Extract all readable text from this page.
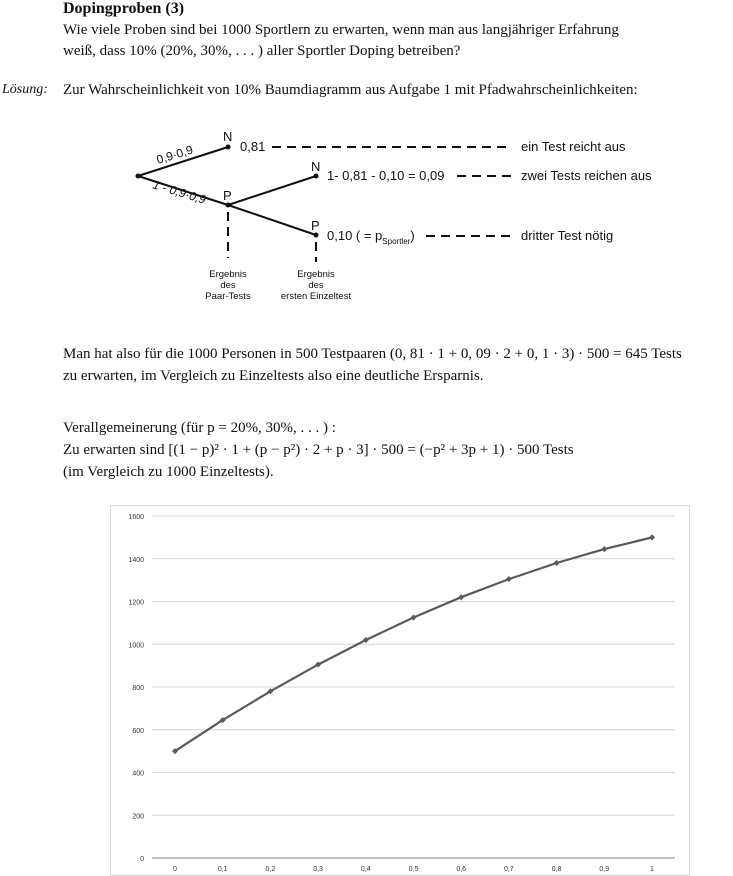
Dopingproben (3)
Wie viele Proben sind bei 1000 Sportlern zu erwarten, wenn man aus langjähriger Erfahrung
weiß, dass 10% (20%, 30%, . . . ) aller Sportler Doping betreiben?
Lösung: Zur Wahrscheinlichkeit von 10% Baumdiagramm aus Aufgabe 1 mit Pfadwahrscheinlichkeiten:
N
P
N
P
0,9·0,9
1 - 0,9·0,9
0,81
1- 0,81 - 0,10 = 0,09
0,10 ( = $p_{Sportler}$)
ein Test reicht aus
zwei Tests reichen aus
dritter Test nötig
Ergebnis
des
Paar-Tests
Ergebnis
des
ersten Einzeltest
Man hat also für die 1000 Personen in 500 Testpaaren (0, 81 · 1 + 0, 09 · 2 + 0, 1 · 3) · 500 = 645 Tests
zu erwarten, im Vergleich zu Einzeltests also eine deutliche Ersparnis.
Verallgemeinerung (für p = 20%, 30%, . . . ) :
Zu erwarten sind [(1 − p)² · 1 + (p − p²) · 2 + p · 3] · 500 = (−p² + 3p + 1) · 500 Tests
(im Vergleich zu 1000 Einzeltests).
0
200
400
600
800
1000
1200
1400
1600
0	0,1	0,2	0,3	0,4	0,5	0,6	0,7	0,8	0,9	1
